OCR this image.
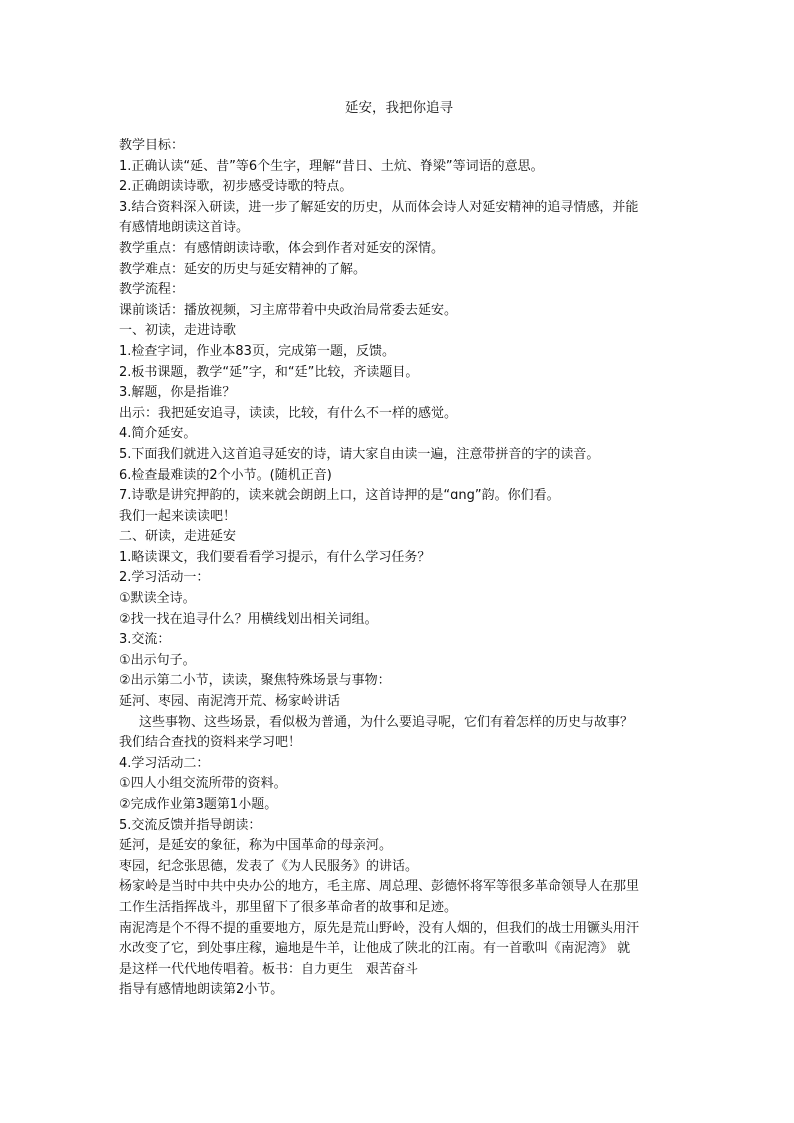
延安，我把你追寻
教学目标：
1.正确认读“延、昔”等6个生字，理解“昔日、土炕、脊梁”等词语的意思。
2.正确朗读诗歌，初步感受诗歌的特点。
3.结合资料深入研读，进一步了解延安的历史，从而体会诗人对延安精神的追寻情感，并能
有感情地朗读这首诗。
教学重点：有感情朗读诗歌，体会到作者对延安的深情。
教学难点：延安的历史与延安精神的了解。
教学流程：
课前谈话：播放视频，习主席带着中央政治局常委去延安。
一、初读，走进诗歌
1.检查字词，作业本83页，完成第一题，反馈。
2.板书课题，教学“延”字，和“廷”比较，齐读题目。
3.解题，你是指谁？
出示：我把延安追寻，读读，比较，有什么不一样的感觉。
4.简介延安。
5.下面我们就进入这首追寻延安的诗，请大家自由读一遍，注意带拼音的字的读音。
6.检查最难读的2个小节。(随机正音)
7.诗歌是讲究押韵的，读来就会朗朗上口，这首诗押的是“ɑng”韵。你们看。
我们一起来读读吧！
二、研读，走进延安
1.略读课文，我们要看看学习提示，有什么学习任务？
2.学习活动一：
①默读全诗。
②找一找在追寻什么？用横线划出相关词组。
3.交流：
①出示句子。
②出示第二小节，读读，聚焦特殊场景与事物：
延河、枣园、南泥湾开荒、杨家岭讲话
这些事物、这些场景，看似极为普通，为什么要追寻呢，它们有着怎样的历史与故事？
我们结合查找的资料来学习吧！
4.学习活动二：
①四人小组交流所带的资料。
②完成作业第3题第1小题。
5.交流反馈并指导朗读：
延河，是延安的象征，称为中国革命的母亲河。
枣园，纪念张思德，发表了《为人民服务》的讲话。
杨家岭是当时中共中央办公的地方，毛主席、周总理、彭德怀将军等很多革命领导人在那里
工作生活指挥战斗，那里留下了很多革命者的故事和足迹。
南泥湾是个不得不提的重要地方，原先是荒山野岭，没有人烟的，但我们的战士用镢头用汗
水改变了它，到处事庄稼，遍地是牛羊，让他成了陕北的江南。有一首歌叫《南泥湾》 就
是这样一代代地传唱着。板书：自力更生　艰苦奋斗
指导有感情地朗读第2小节。
